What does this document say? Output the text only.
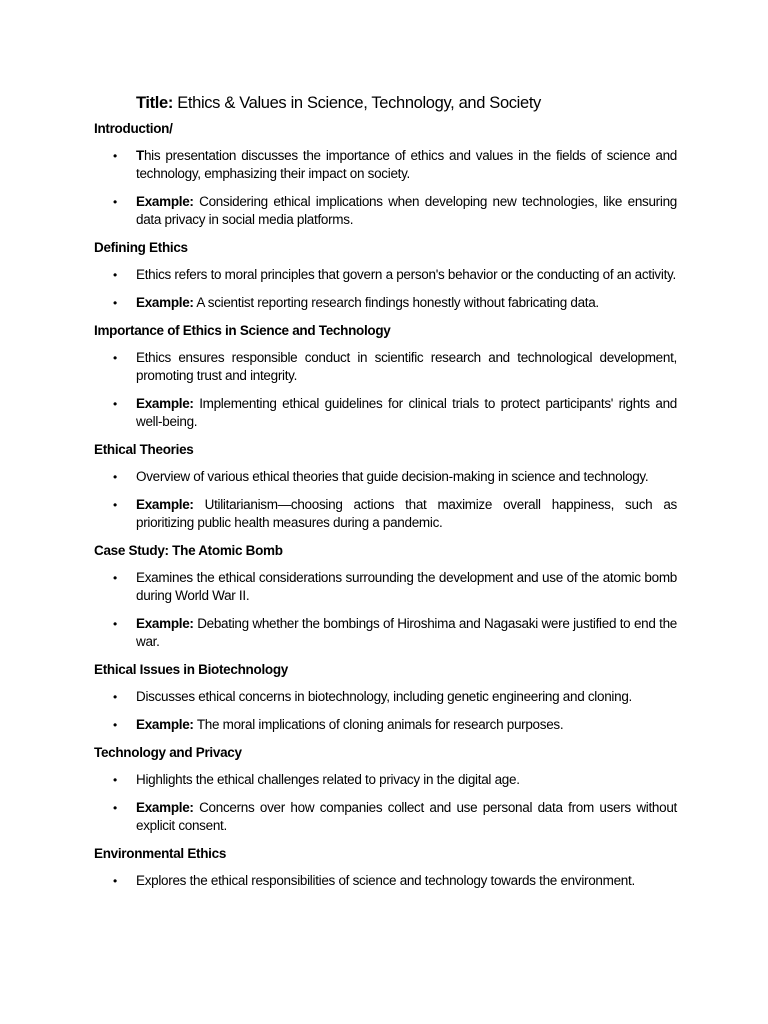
Title: Ethics & Values in Science, Technology, and Society
Introduction/
• This presentation discusses the importance of ethics and values in the fields of science and technology, emphasizing their impact on society.
• Example: Considering ethical implications when developing new technologies, like ensuring data privacy in social media platforms.
Defining Ethics
• Ethics refers to moral principles that govern a person's behavior or the conducting of an activity.
• Example: A scientist reporting research findings honestly without fabricating data.
Importance of Ethics in Science and Technology
• Ethics ensures responsible conduct in scientific research and technological development, promoting trust and integrity.
• Example: Implementing ethical guidelines for clinical trials to protect participants' rights and well-being.
Ethical Theories
• Overview of various ethical theories that guide decision-making in science and technology.
• Example: Utilitarianism—choosing actions that maximize overall happiness, such as prioritizing public health measures during a pandemic.
Case Study: The Atomic Bomb
• Examines the ethical considerations surrounding the development and use of the atomic bomb during World War II.
• Example: Debating whether the bombings of Hiroshima and Nagasaki were justified to end the war.
Ethical Issues in Biotechnology
• Discusses ethical concerns in biotechnology, including genetic engineering and cloning.
• Example: The moral implications of cloning animals for research purposes.
Technology and Privacy
• Highlights the ethical challenges related to privacy in the digital age.
• Example: Concerns over how companies collect and use personal data from users without explicit consent.
Environmental Ethics
• Explores the ethical responsibilities of science and technology towards the environment.
